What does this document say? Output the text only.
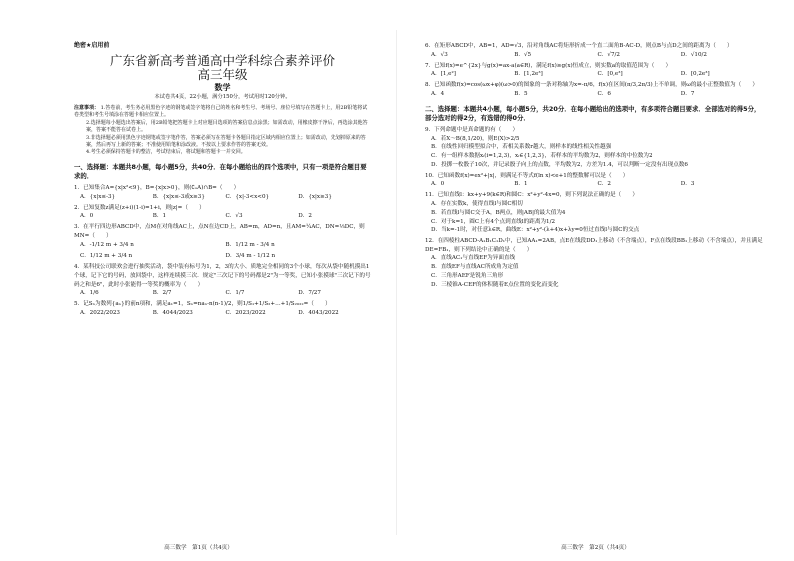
绝密★启用前
广东省新高考普通高中学科综合素养评价
高三年级
数学
本试卷共4页，22小题，满分150分，考试用时120分钟。
注意事项： 1.答卷前，考生务必用黑色字迹的钢笔或签字笔将自己的姓名和考生号、考场号、座位号填写在答题卡上，用2B铅笔将试卷类型和考生号填涂在答题卡相应位置上。
2.选择题每小题选出答案后，用2B铅笔把答题卡上对应题目选项的答案信息点涂黑；如需改动，用橡皮擦干净后，再选涂其他答案，答案不能答在试卷上。
3.非选择题必须用黑色字迹钢笔或签字笔作答，答案必须写在答题卡各题目指定区域内相应位置上；如需改动，先划掉原来的答案，然后再写上新的答案；不准使用铅笔和涂改液。不按以上要求作答的答案无效。
4.考生必须保持答题卡的整洁，考试结束后，将试题和答题卡一并交回。
一、选择题：本题共8小题，每小题5分，共40分．在每小题给出的四个选项中，只有一项是符合题目要求的．
1．已知集合A={x|x²<9}，B={x|x>0}，则(∁ᵤA)∩B=（　　）
A．{x|x≤-3}	B．{x|x≤-3或x≥3}	C．{x|-3<x<0}	D．{x|x≥3}
2．已知复数z满足(z+i)(1-i)=1+i，则|z|=（　　）
A．0	B．1	C．√3	D．2
3．在平行四边形ABCD中，点M在对角线AC上，点N在边CD上，AB=m，AD=n，且AM=¼AC，DN=⅓DC，则MN=（　　）
A．-1/12 m + 3/4 n	B．1/12 m - 3/4 n
C．1/12 m + 3/4 n	D．3/4 m - 1/12 n
4．某科技公司联欢会进行抽奖活动，袋中装有标号为1，2，3的大小、质地完全相同的3个小球，每次从袋中随机摸出1个球，记下它的号码，放回袋中，这样连续摸三次．规定"三次记下的号码都是2"为一等奖，已知小张摸球"三次记下的号码之和是6"，此时小张能得一等奖的概率为（　　）
A．1/6	B．2/7	C．1/7	D．7/27
5．记Sₙ为数列{aₙ}的前n项和，满足a₁=1，Sₙ=naₙ-n(n-1)/2，则1/S₁+1/S₂+…+1/S₂₀₂₂=（　　）
A．2022/2023	B．4044/2023	C．2023/2022	D．4043/2022
高三数学　第1页（共4页）
6．在矩形ABCD中，AB=1，AD=√3，沿对角线AC将矩形折成一个直二面角B-AC-D，则点B与点D之间的距离为（　　）
A．√3	B．√5	C．√7/2	D．√10/2
7．已知f(x)=e^{2x}与g(x)=ax-a(a∈R)，满足f(x)≥g(x)恒成立，则实数a的取值范围为（　　）
A．[1,e²]	B．[1,2e³]	C．[0,e³]	D．[0,2e³]
8．已知函数f(x)=cos(ωx+φ)(ω>0)的图象的一条对称轴为x=-π/6，f(x)在区间(π/3,2π/3)上不单调，则ω的最小正整数值为（　　）
A．4	B．5	C．6	D．7
二、选择题：本题共4小题，每小题5分，共20分．在每小题给出的选项中，有多项符合题目要求．全部选对的得5分，部分选对的得2分，有选错的得0分．
9．下列命题中是真命题的有（　　）
A．若X～B(8,1/20)，则E(X)>2/5
B．在线性回归模型拟合中，若相关系数r越大，则样本的线性相关性越强
C．有一组样本数据xᵢ(i=1,2,3)，xᵢ∈{1,2,3}，若样本的平均数为2，则样本的中位数为2
D．投掷一枚骰子10次，并记录骰子向上的点数，平均数为2，方差为1.4，可以判断一定没有出现点数6
10．已知函数f(x)=ex²+|x|，则满足不等式f(ln x)<e+1的整数解可以是（　　）
A．0	B．1	C．2	D．3
11．已知直线l：kx+y+9(k∈R)和圆C：x²+y²-4x=0，则下列说法正确的是（　　）
A．存在实数k，使得直线l与圆C相切
B．若直线l与圆C交于A，B两点，则|AB|的最大值为4
C．对于k=1，圆C上有4个点到直线l的距离为1/2
D．当k=-1时，对任意λ∈R，曲线E：x²+y²-(λ+4)x+λy=0恒过直线l与圆C的交点
12．在四棱柱ABCD-A₁B₁C₁D₁中，已知AA₁=2AB，点E在线段DD₁上移动（不含端点），F点在线段BB₁上移动（不含端点），并且满足DE=FB₁，则下列结论中正确的是（　　）
A．直线AC₁与直线EF为异面直线
B．直线EF与直线AC所成角为定值
C．三角形AEF是锐角三角形
D．三棱锥A-CEF的体积随着E点位置的变化而变化
高三数学　第2页（共4页）
